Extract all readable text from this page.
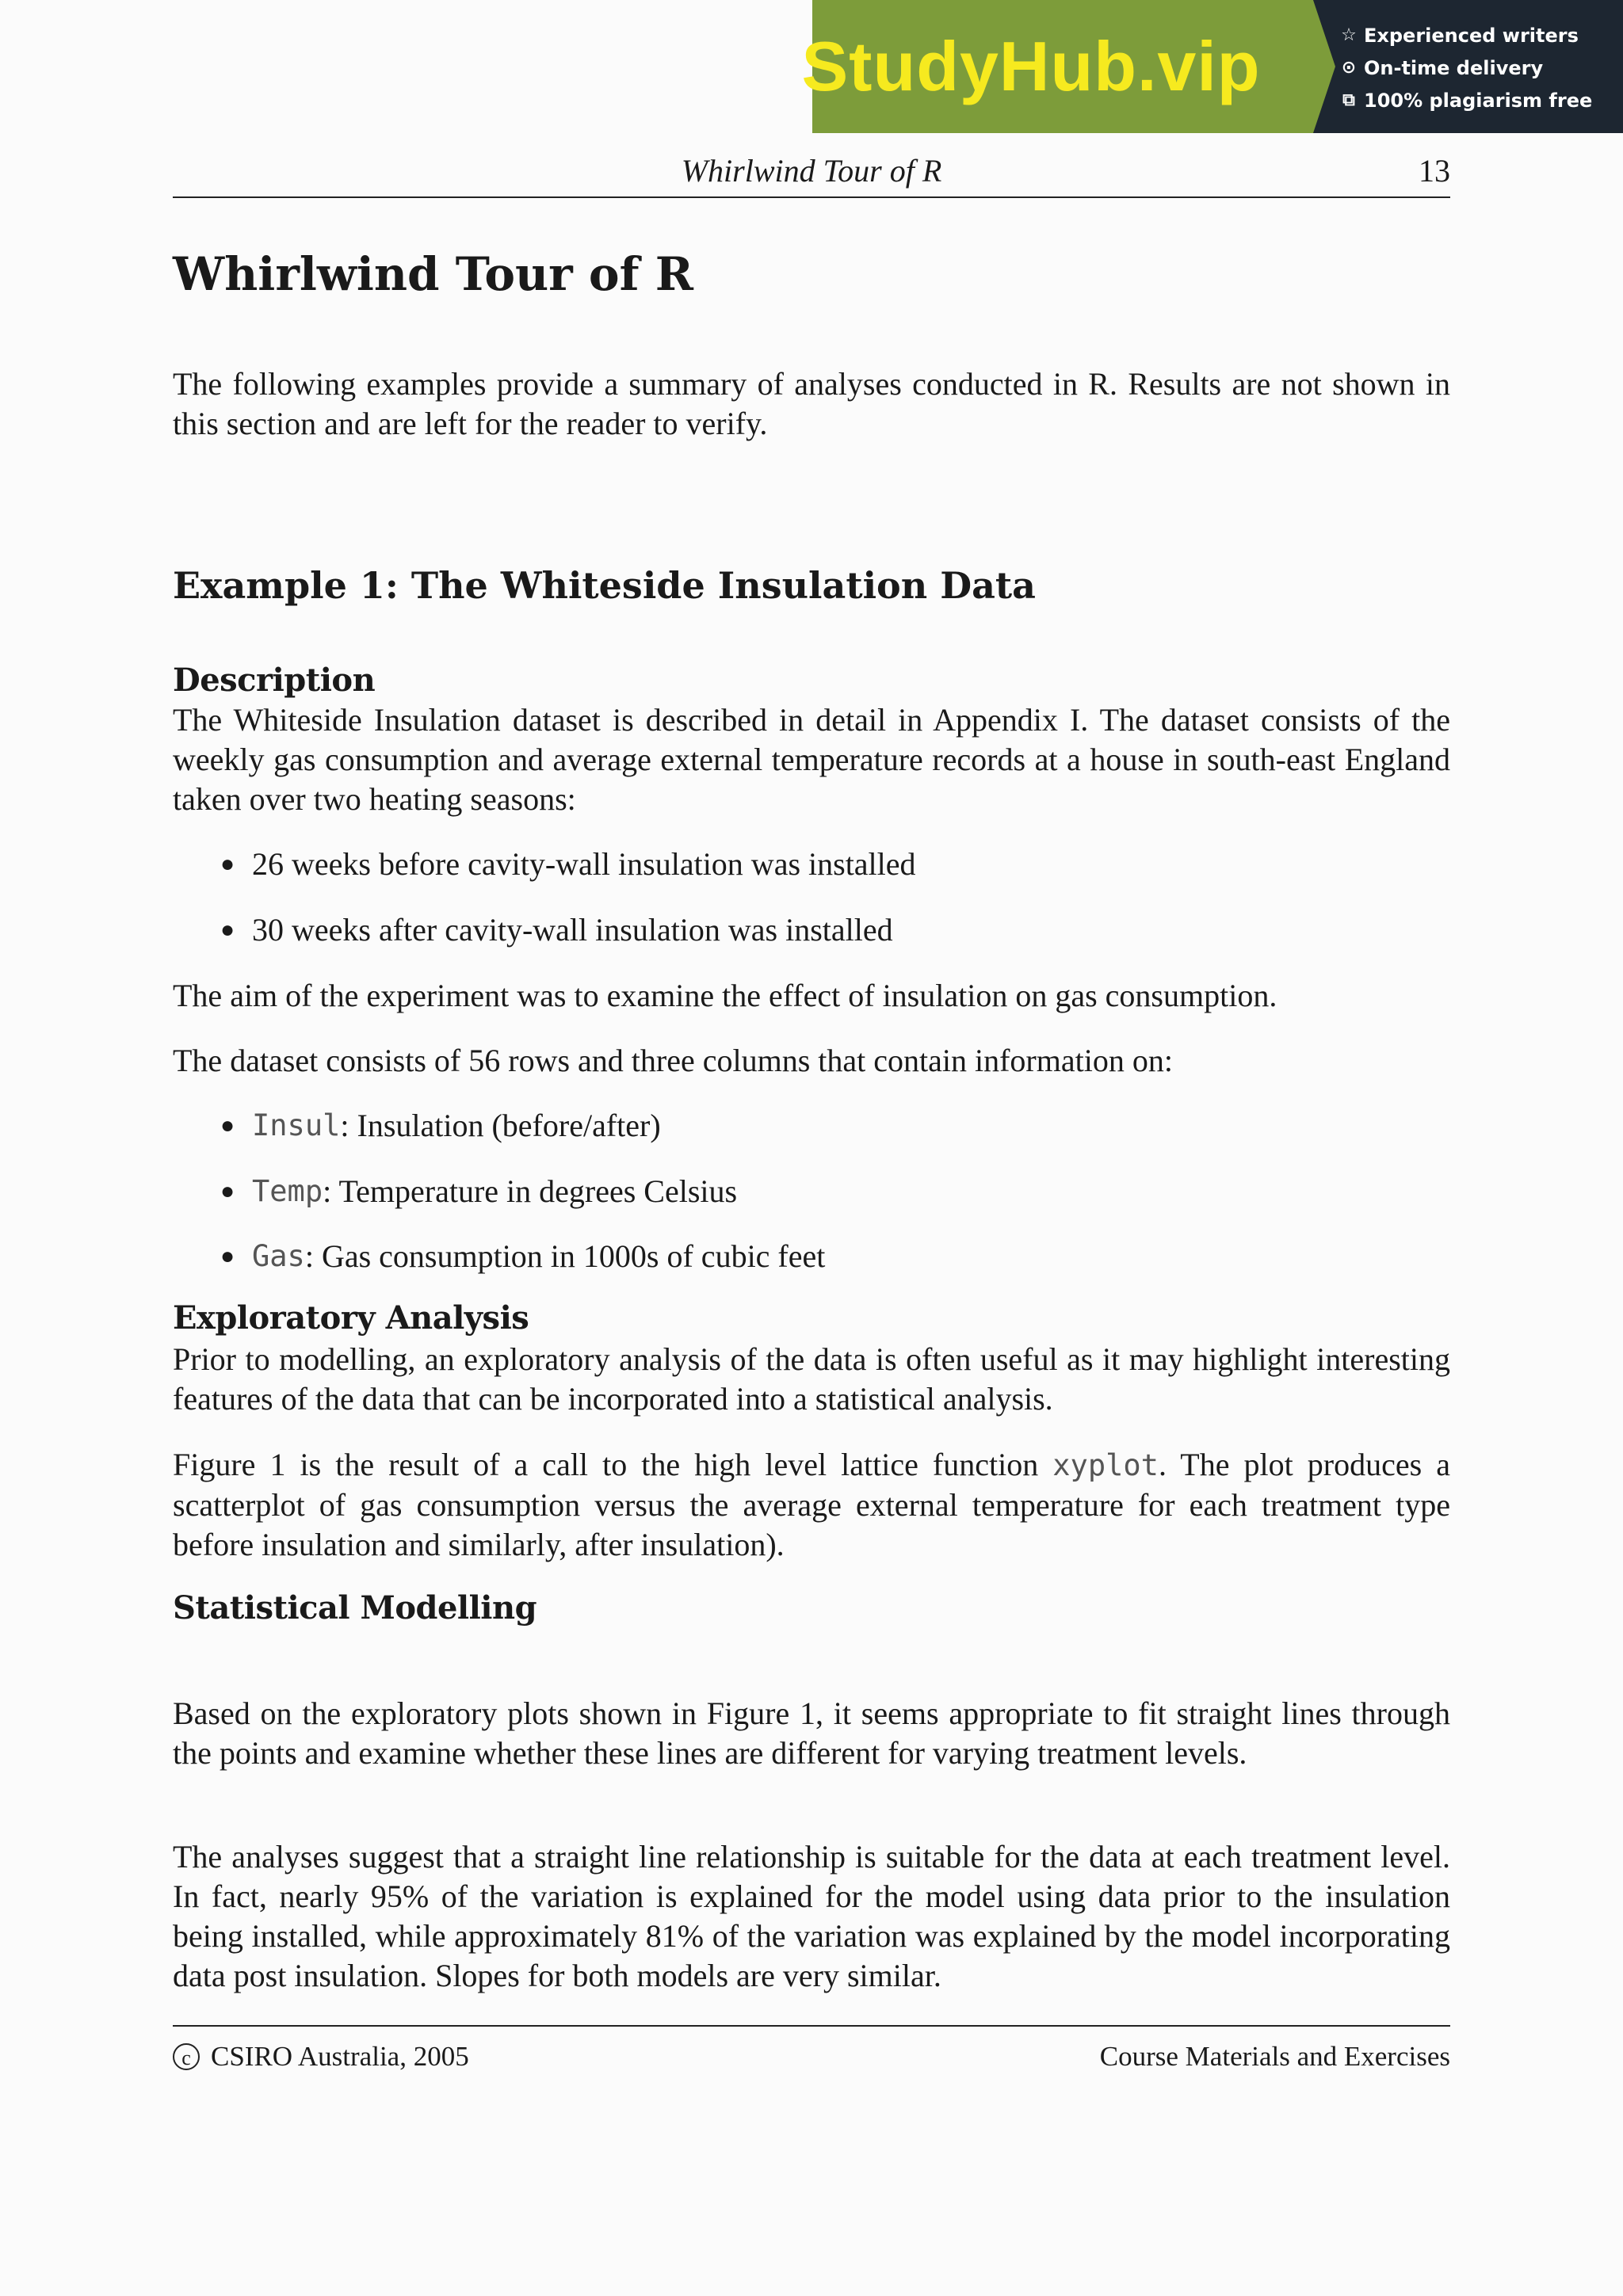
StudyHub.vip	☆ Experienced writers
⊙ On-time delivery
⧉ 100% plagiarism free
Whirlwind Tour of R	13
Whirlwind Tour of R

The following examples provide a summary of analyses conducted in R. Results are not shown in this section and are left for the reader to verify.

Example 1: The Whiteside Insulation Data
Description

The Whiteside Insulation dataset is described in detail in Appendix I. The dataset consists of the weekly gas consumption and average external temperature records at a house in south-east England taken over two heating seasons:

● 26 weeks before cavity-wall insulation was installed
● 30 weeks after cavity-wall insulation was installed

The aim of the experiment was to examine the effect of insulation on gas consumption.

The dataset consists of 56 rows and three columns that contain information on:

● Insul : Insulation (before/after)
● Temp : Temperature in degrees Celsius
● Gas : Gas consumption in 1000s of cubic feet
Exploratory Analysis

Prior to modelling, an exploratory analysis of the data is often useful as it may highlight interesting features of the data that can be incorporated into a statistical analysis.

Figure 1 is the result of a call to the high level lattice function xyplot. The plot produces a scatterplot of gas consumption versus the average external temperature for each treatment type before insulation and similarly, after insulation).

Statistical Modelling

Based on the exploratory plots shown in Figure 1, it seems appropriate to fit straight lines through the points and examine whether these lines are different for varying treatment levels.

The analyses suggest that a straight line relationship is suitable for the data at each treatment level. In fact, nearly 95% of the variation is explained for the model using data prior to the insulation being installed, while approximately 81% of the variation was explained by the model incorporating data post insulation. Slopes for both models are very similar.

c CSIRO Australia, 2005	Course Materials and Exercises
